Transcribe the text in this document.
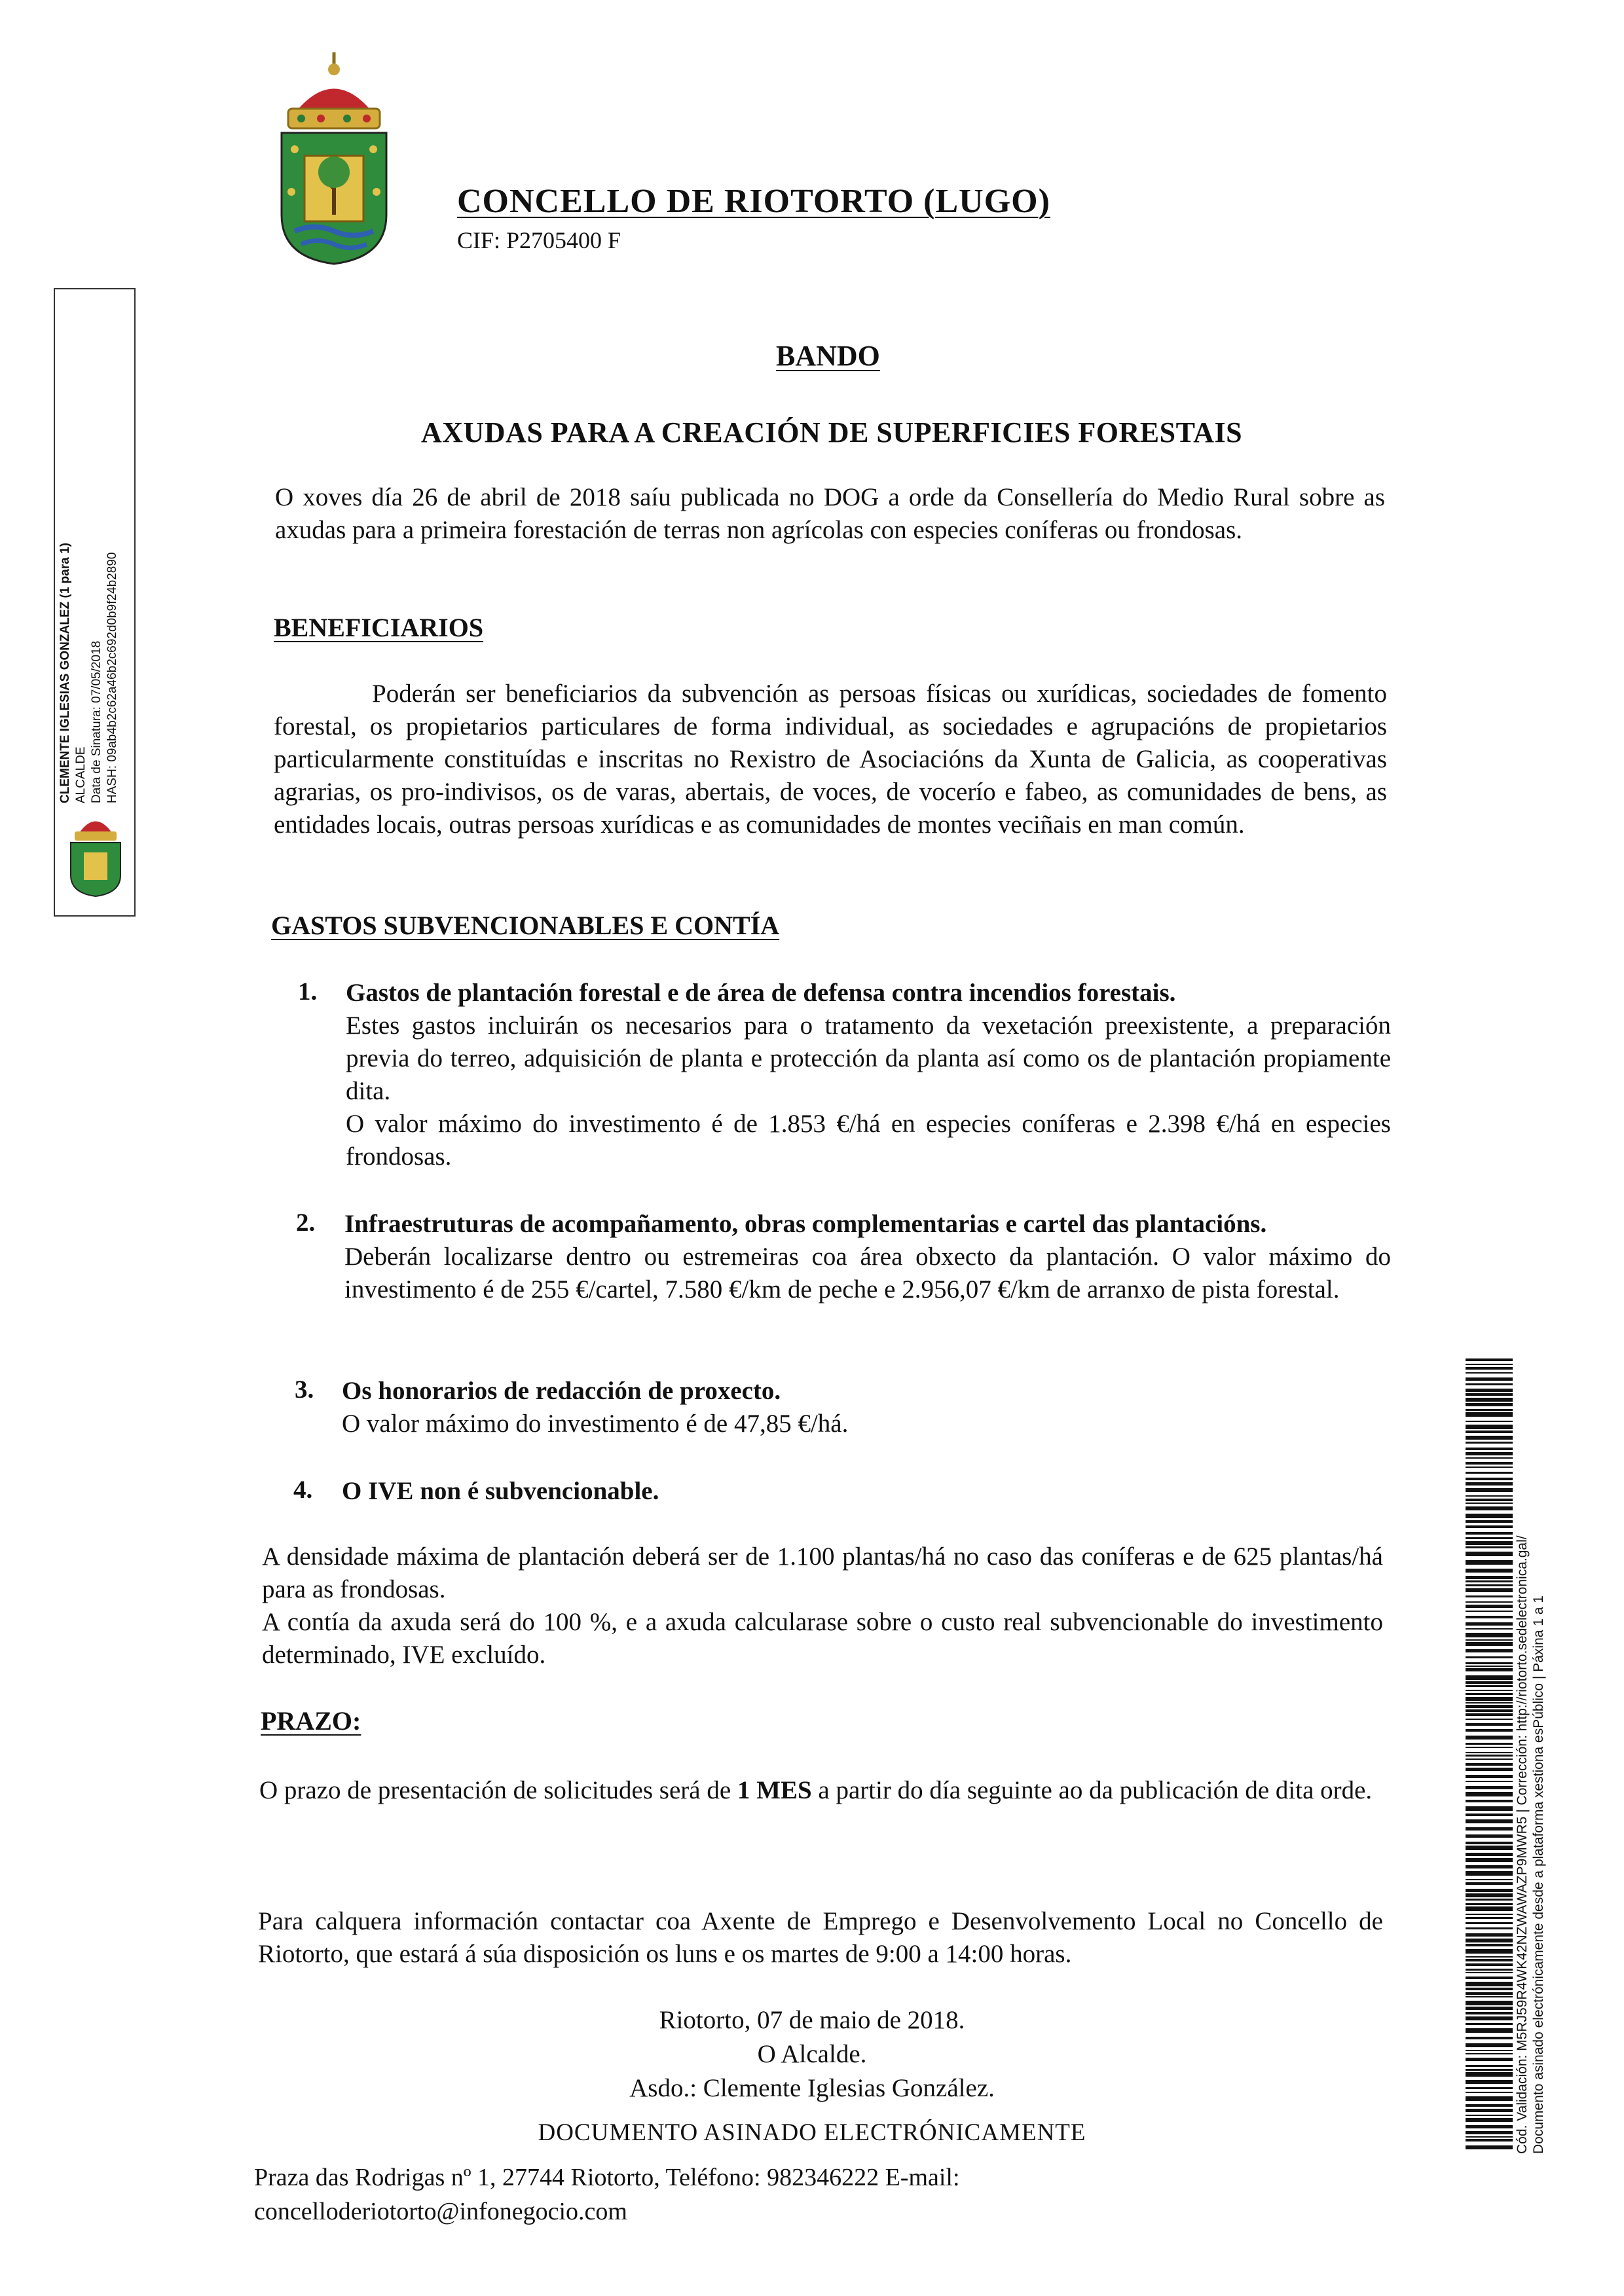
CONCELLO DE RIOTORTO (LUGO)
CIF: P2705400 F
CLEMENTE IGLESIAS GONZALEZ (1 para 1) ALCALDE Data de Sinatura: 07/05/2018 HASH: 09ab4b2c62a46b2c692d0b9f24b2890
BANDO
AXUDAS PARA A CREACIÓN DE SUPERFICIES FORESTAIS
O xoves día 26 de abril de 2018 saíu publicada no DOG a orde da Consellería do Medio Rural sobre as axudas para a primeira forestación de terras non agrícolas con especies coníferas ou frondosas.
BENEFICIARIOS
Poderán ser beneficiarios da subvención as persoas físicas ou xurídicas, sociedades de fomento forestal, os propietarios particulares de forma individual, as sociedades e agrupacións de propietarios particularmente constituídas e inscritas no Rexistro de Asociacións da Xunta de Galicia, as cooperativas agrarias, os pro-indivisos, os de varas, abertais, de voces, de vocerío e fabeo, as comunidades de bens, as entidades locais, outras persoas xurídicas e as comunidades de montes veciñais en man común.
GASTOS SUBVENCIONABLES E CONTÍA
1. Gastos de plantación forestal e de área de defensa contra incendios forestais.
Estes gastos incluirán os necesarios para o tratamento da vexetación preexistente, a preparación previa do terreo, adquisición de planta e protección da planta así como os de plantación propiamente dita.
O valor máximo do investimento é de 1.853 €/há en especies coníferas e 2.398 €/há en especies frondosas.
2. Infraestruturas de acompañamento, obras complementarias e cartel das plantacións.
Deberán localizarse dentro ou estremeiras coa área obxecto da plantación. O valor máximo do investimento é de 255 €/cartel, 7.580 €/km de peche e 2.956,07 €/km de arranxo de pista forestal.
3. Os honorarios de redacción de proxecto.
O valor máximo do investimento é de 47,85 €/há.
4. O IVE non é subvencionable.
A densidade máxima de plantación deberá ser de 1.100 plantas/há no caso das coníferas e de 625 plantas/há para as frondosas.
A contía da axuda será do 100 %, e a axuda calcularase sobre o custo real subvencionable do investimento determinado, IVE excluído.
PRAZO:
O prazo de presentación de solicitudes será de 1 MES a partir do día seguinte ao da publicación de dita orde.
Para calquera información contactar coa Axente de Emprego e Desenvolvemento Local no Concello de Riotorto, que estará á súa disposición os luns e os martes de 9:00 a 14:00 horas.
Riotorto, 07 de maio de 2018.
O Alcalde.
Asdo.: Clemente Iglesias González.
DOCUMENTO ASINADO ELECTRÓNICAMENTE
Praza das Rodrigas nº 1, 27744 Riotorto, Teléfono: 982346222 E-mail: concelloderiotorto@infonegocio.com
Cód. Validación: M5RJ59R4WK42NZWAWAZP9MWR5 | Corrección: http://riotorto.sedelectronica.gal/ Documento asinado electrónicamente desde a plataforma xestiona esPúblico | Páxina 1 a 1
